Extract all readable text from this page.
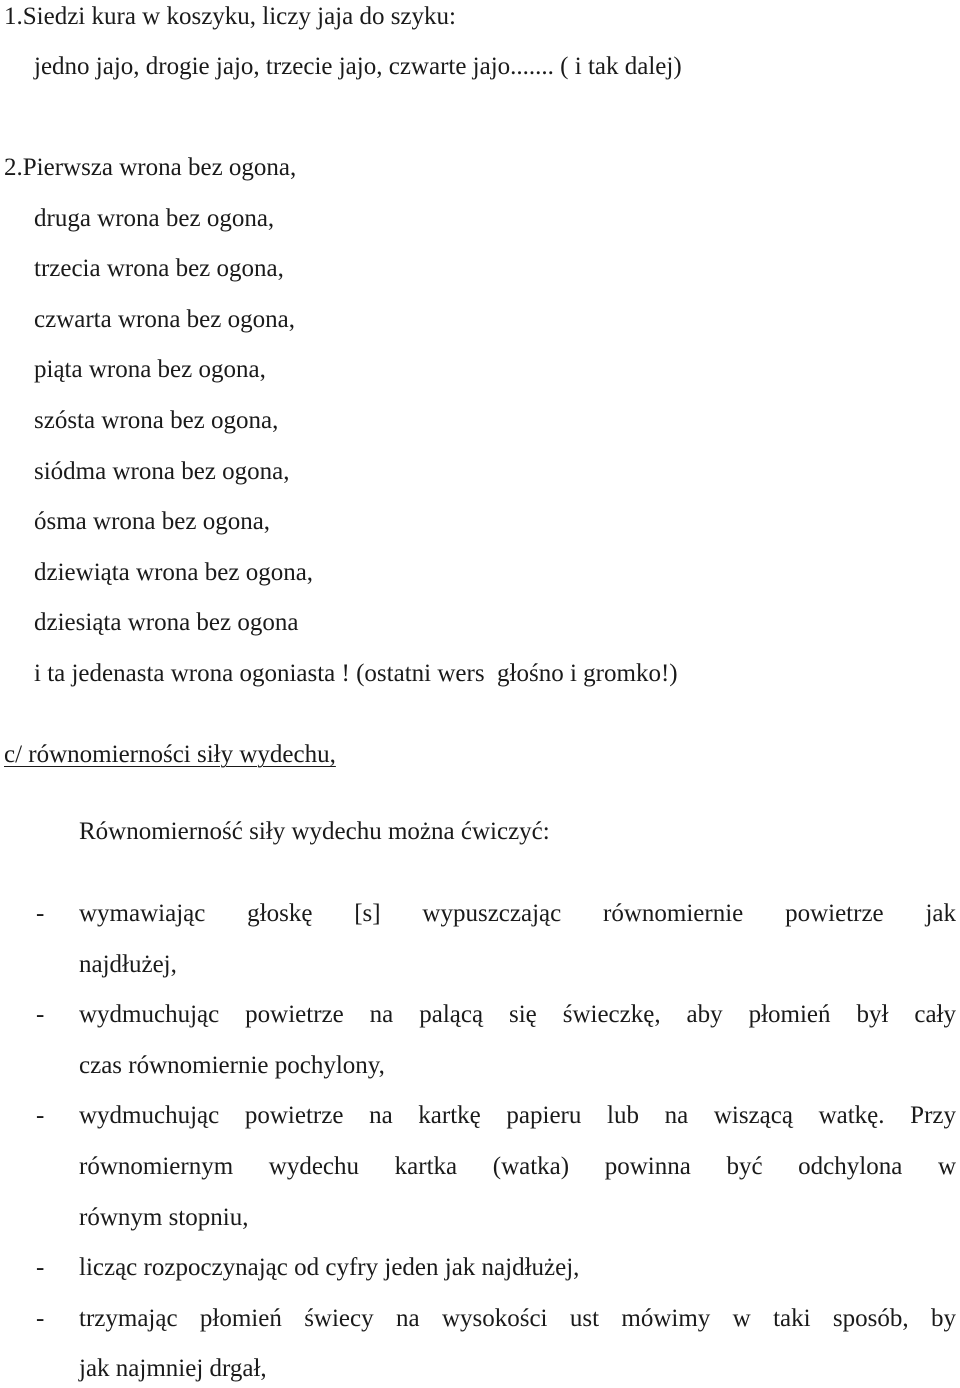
1.Siedzi kura w koszyku, liczy jaja do szyku:
jedno jajo, drogie jajo, trzecie jajo, czwarte jajo....... ( i tak dalej)
2.Pierwsza wrona bez ogona,
druga wrona bez ogona,
trzecia wrona bez ogona,
czwarta wrona bez ogona,
piąta wrona bez ogona,
szósta wrona bez ogona,
siódma wrona bez ogona,
ósma wrona bez ogona,
dziewiąta wrona bez ogona,
dziesiąta wrona bez ogona
i ta jedenasta wrona ogoniasta ! (ostatni wers  głośno i gromko!)
c/ równomierności siły wydechu,
Równomierność siły wydechu można ćwiczyć:
- wymawiając głoskę [s] wypuszczając równomiernie powietrze jak
najdłużej,
- wydmuchując powietrze na palącą się świeczkę, aby płomień był cały
czas równomiernie pochylony,
- wydmuchując powietrze na kartkę papieru lub na wiszącą watkę. Przy
równomiernym wydechu kartka (watka) powinna być odchylona w
równym stopniu,
- licząc rozpoczynając od cyfry jeden jak najdłużej,
- trzymając płomień świecy na wysokości ust mówimy w taki sposób, by
jak najmniej drgał,
